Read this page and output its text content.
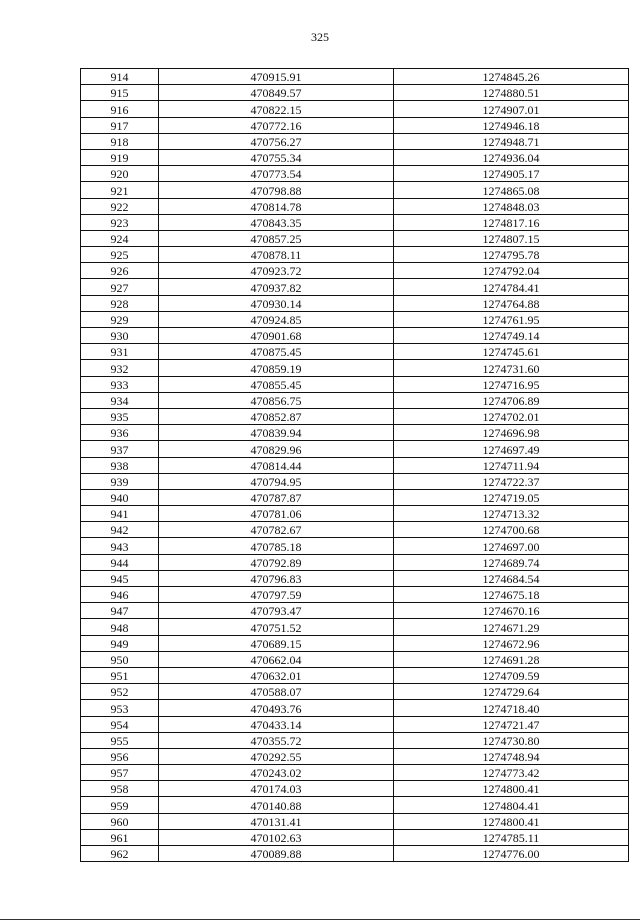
325
914	470915.91	1274845.26
915	470849.57	1274880.51
916	470822.15	1274907.01
917	470772.16	1274946.18
918	470756.27	1274948.71
919	470755.34	1274936.04
920	470773.54	1274905.17
921	470798.88	1274865.08
922	470814.78	1274848.03
923	470843.35	1274817.16
924	470857.25	1274807.15
925	470878.11	1274795.78
926	470923.72	1274792.04
927	470937.82	1274784.41
928	470930.14	1274764.88
929	470924.85	1274761.95
930	470901.68	1274749.14
931	470875.45	1274745.61
932	470859.19	1274731.60
933	470855.45	1274716.95
934	470856.75	1274706.89
935	470852.87	1274702.01
936	470839.94	1274696.98
937	470829.96	1274697.49
938	470814.44	1274711.94
939	470794.95	1274722.37
940	470787.87	1274719.05
941	470781.06	1274713.32
942	470782.67	1274700.68
943	470785.18	1274697.00
944	470792.89	1274689.74
945	470796.83	1274684.54
946	470797.59	1274675.18
947	470793.47	1274670.16
948	470751.52	1274671.29
949	470689.15	1274672.96
950	470662.04	1274691.28
951	470632.01	1274709.59
952	470588.07	1274729.64
953	470493.76	1274718.40
954	470433.14	1274721.47
955	470355.72	1274730.80
956	470292.55	1274748.94
957	470243.02	1274773.42
958	470174.03	1274800.41
959	470140.88	1274804.41
960	470131.41	1274800.41
961	470102.63	1274785.11
962	470089.88	1274776.00
